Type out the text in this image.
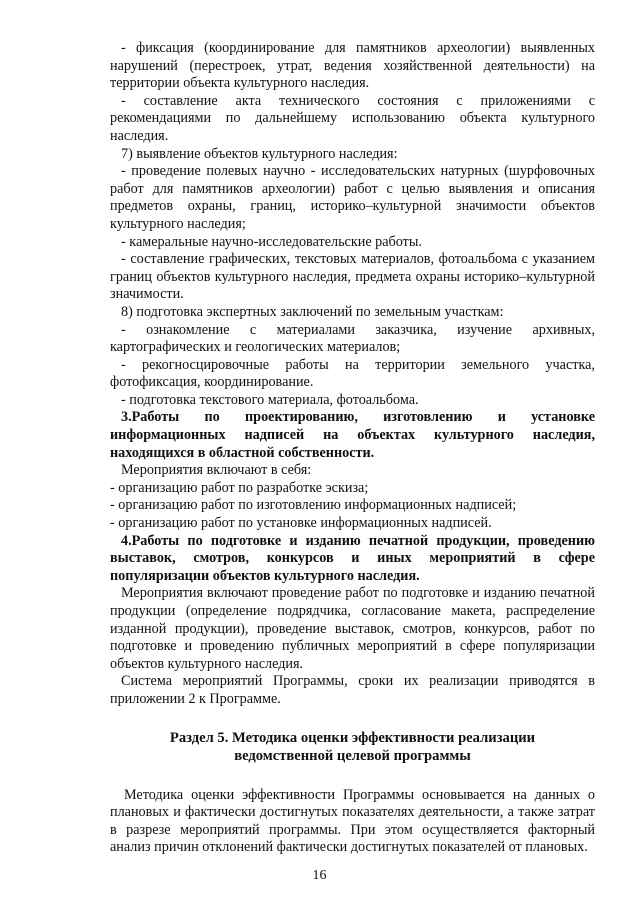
- фиксация (координирование для памятников археологии) выявленных нарушений (перестроек, утрат, ведения хозяйственной деятельности) на территории объекта культурного наследия.

- составление акта технического состояния с приложениями с рекомендациями по дальнейшему использованию объекта культурного наследия.

7) выявление объектов культурного наследия:

- проведение полевых научно - исследовательских натурных (шурфовочных работ для памятников археологии) работ с целью выявления и описания предметов охраны, границ, историко–культурной значимости объектов культурного наследия;

- камеральные научно-исследовательские работы.

- составление графических, текстовых материалов, фотоальбома с указанием границ объектов культурного наследия, предмета охраны историко–культурной значимости.

8) подготовка экспертных заключений по земельным участкам:

- ознакомление с материалами заказчика, изучение архивных, картографических и геологических материалов;

- рекогносцировочные работы на территории земельного участка, фотофиксация, координирование.

- подготовка текстового материала, фотоальбома.

3.Работы по проектированию, изготовлению и установке информационных надписей на объектах культурного наследия, находящихся в областной собственности.

Мероприятия включают в себя:

- организацию работ по разработке эскиза;

- организацию работ по изготовлению информационных надписей;

- организацию работ по установке информационных надписей.

4.Работы по подготовке и изданию печатной продукции, проведению выставок, смотров, конкурсов и иных мероприятий в сфере популяризации объектов культурного наследия.

Мероприятия включают проведение работ по подготовке и изданию печатной продукции (определение подрядчика, согласование макета, распределение изданной продукции), проведение выставок, смотров, конкурсов, работ по подготовке и проведению публичных мероприятий в сфере популяризации объектов культурного наследия.

Система мероприятий Программы, сроки их реализации приводятся в приложении 2 к Программе.

Раздел 5. Методика оценки эффективности реализации
ведомственной целевой программы

Методика оценки эффективности Программы основывается на данных о плановых и фактически достигнутых показателях деятельности, а также затрат в разрезе мероприятий программы. При этом осуществляется факторный анализ причин отклонений фактически достигнутых показателей от плановых.

16
